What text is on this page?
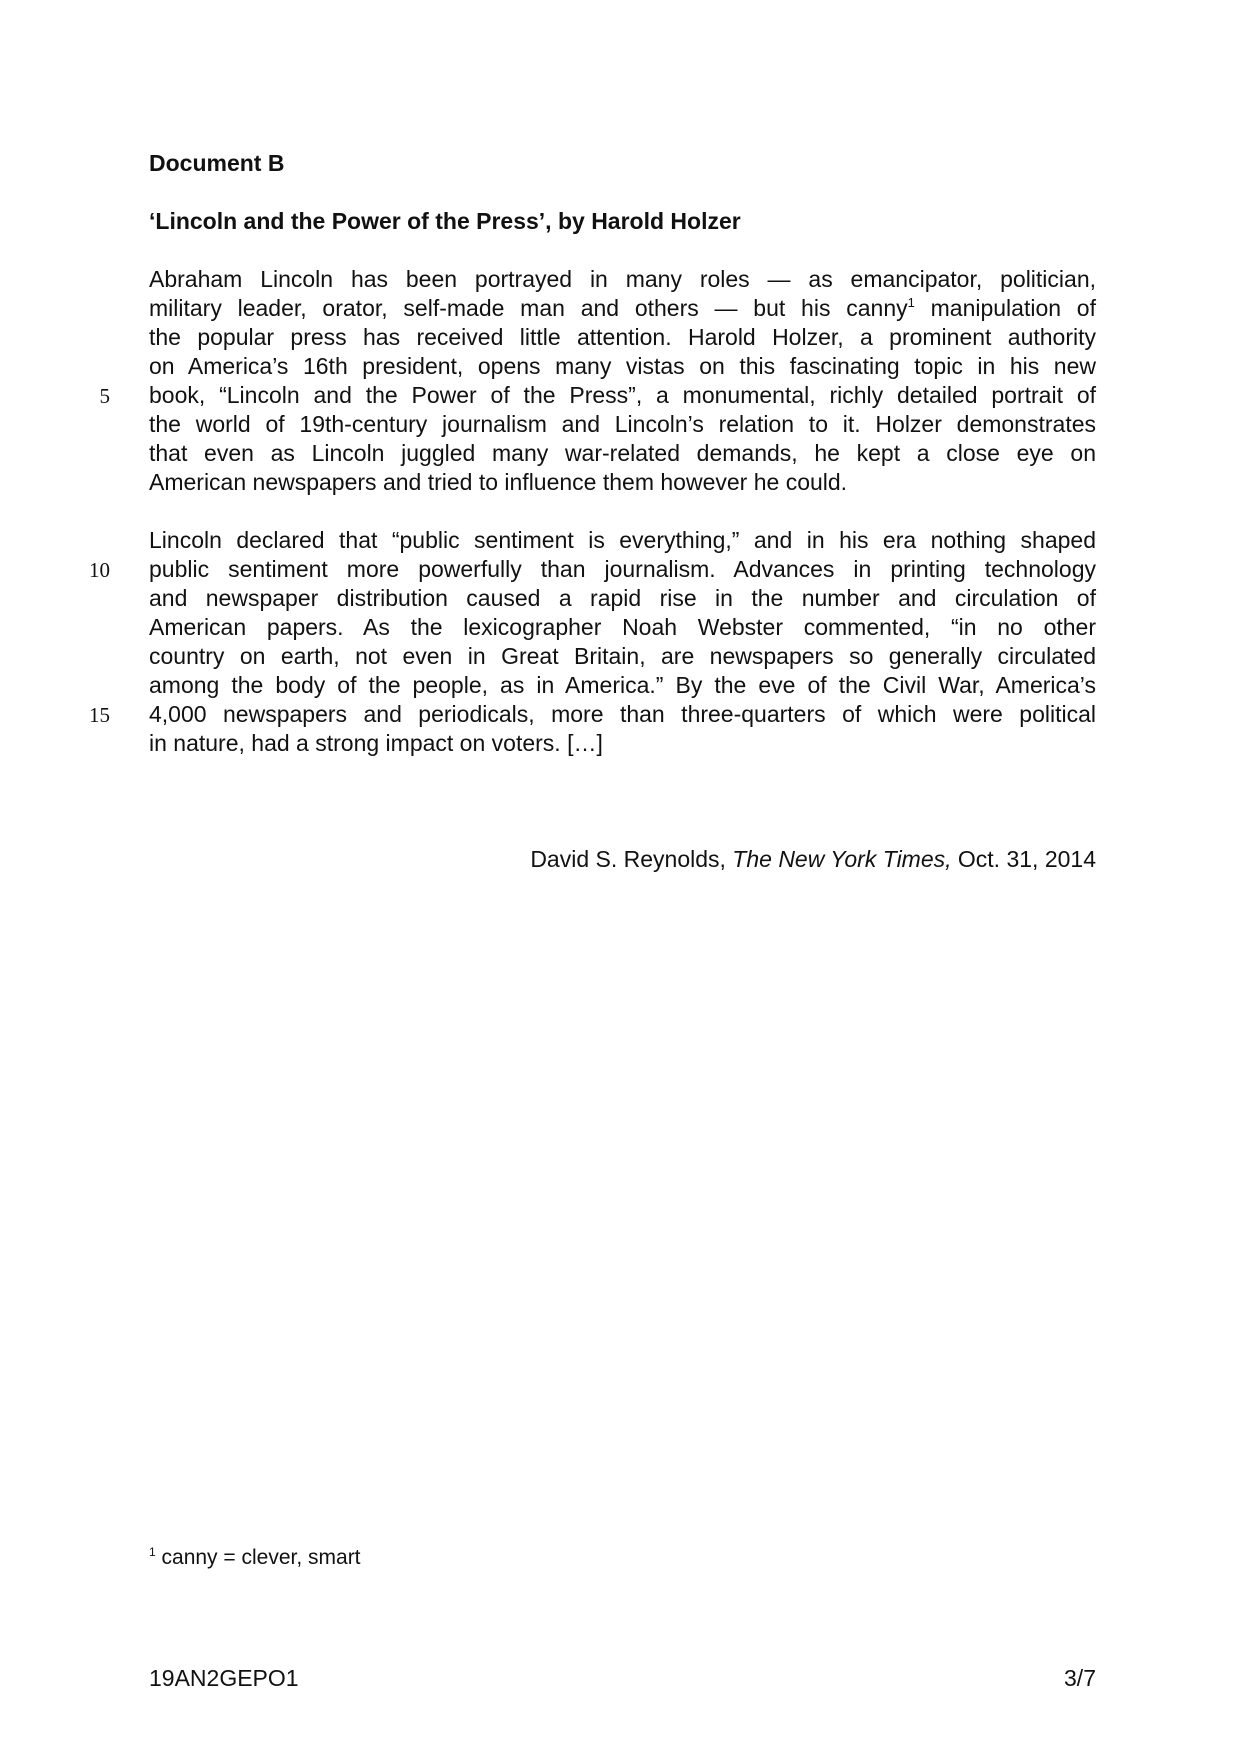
Document B
‘Lincoln and the Power of the Press’, by Harold Holzer
Abraham Lincoln has been portrayed in many roles — as emancipator, politician,
military leader, orator, self-made man and others — but his canny$^1$ manipulation of
the popular press has received little attention. Harold Holzer, a prominent authority
on America’s 16th president, opens many vistas on this fascinating topic in his new
book, “Lincoln and the Power of the Press”, a monumental, richly detailed portrait of
the world of 19th-century journalism and Lincoln’s relation to it. Holzer demonstrates
that even as Lincoln juggled many war-related demands, he kept a close eye on
American newspapers and tried to influence them however he could.
Lincoln declared that “public sentiment is everything,” and in his era nothing shaped
public sentiment more powerfully than journalism. Advances in printing technology
and newspaper distribution caused a rapid rise in the number and circulation of
American papers. As the lexicographer Noah Webster commented, “in no other
country on earth, not even in Great Britain, are newspapers so generally circulated
among the body of the people, as in America.” By the eve of the Civil War, America’s
4,000 newspapers and periodicals, more than three-quarters of which were political
in nature, had a strong impact on voters. […]
5
10
15
David S. Reynolds, The New York Times, Oct. 31, 2014
$^1$ canny = clever, smart
19AN2GEPO1	3/7
